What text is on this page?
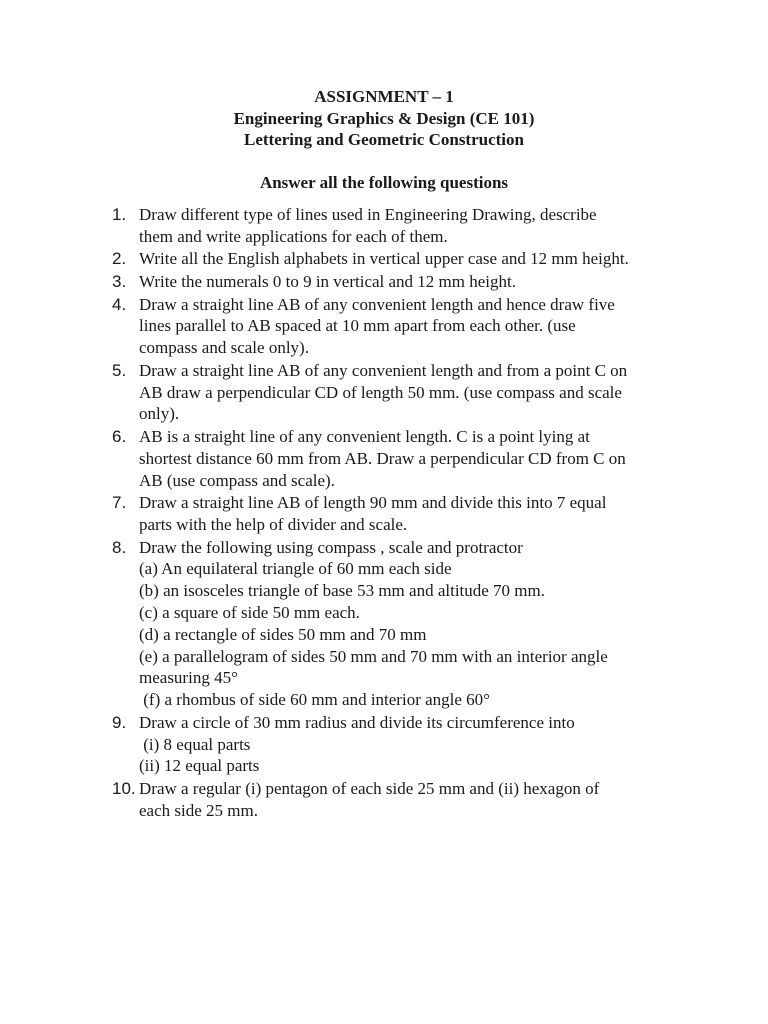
ASSIGNMENT – 1
Engineering Graphics & Design (CE 101)
Lettering and Geometric Construction
Answer all the following questions
1. Draw different type of lines used in Engineering Drawing, describe
them and write applications for each of them.
2. Write all the English alphabets in vertical upper case and 12 mm height.
3. Write the numerals 0 to 9 in vertical and 12 mm height.
4. Draw a straight line AB of any convenient length and hence draw five
lines parallel to AB spaced at 10 mm apart from each other. (use
compass and scale only).
5. Draw a straight line AB of any convenient length and from a point C on
AB draw a perpendicular CD of length 50 mm. (use compass and scale
only).
6. AB is a straight line of any convenient length. C is a point lying at
shortest distance 60 mm from AB. Draw a perpendicular CD from C on
AB (use compass and scale).
7. Draw a straight line AB of length 90 mm and divide this into 7 equal
parts with the help of divider and scale.
8. Draw the following using compass , scale and protractor
(a) An equilateral triangle of 60 mm each side
(b) an isosceles triangle of base 53 mm and altitude 70 mm.
(c) a square of side 50 mm each.
(d) a rectangle of sides 50 mm and 70 mm
(e) a parallelogram of sides 50 mm and 70 mm with an interior angle
measuring 45°
(f) a rhombus of side 60 mm and interior angle 60°
9. Draw a circle of 30 mm radius and divide its circumference into
(i) 8 equal parts
(ii) 12 equal parts
10. Draw a regular (i) pentagon of each side 25 mm and (ii) hexagon of
each side 25 mm.
